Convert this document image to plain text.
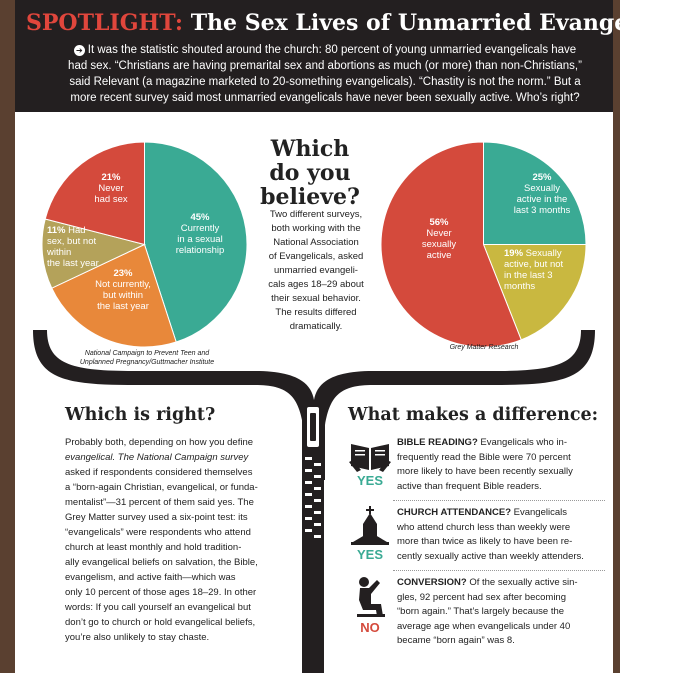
SPOTLIGHT: The Sex Lives of Unmarried Evangelicals

➔ It was the statistic shouted around the church: 80 percent of young unmarried evangelicals have
had sex. “Christians are having premarital sex and abortions as much (or more) than non-Christians,”
said Relevant (a magazine marketed to 20-something evangelicals). “Chastity is not the norm.” But a
more recent survey said most unmarried evangelicals have never been sexually active. Who’s right?

45%
Currently
in a sexual
relationship
23%
Not currently,
but within
the last year
11% Had
sex, but not within
the last year
21%
Never
had sex
National Campaign to Prevent Teen and
Unplanned Pregnancy/Guttmacher Institute
Which
do you
believe?

Two different surveys,
both working with the
National Association
of Evangelicals, asked
unmarried evangeli-
cals ages 18–29 about
their sexual behavior.
The results differed
dramatically.

25%
Sexually
active in the
last 3 months
19% Sexually
active, but not
in the last 3
months
56%
Never
sexually
active
Grey Matter Research
Which is right?

Probably both, depending on how you define
evangelical. The National Campaign survey
asked if respondents considered themselves
a “born-again Christian, evangelical, or funda-
mentalist”—31 percent of them said yes. The
Grey Matter survey used a six-point test: its
“evangelicals” were respondents who attend
church at least monthly and hold tradition-
ally evangelical beliefs on salvation, the Bible,
evangelism, and active faith—which was
only 10 percent of those ages 18–29. In other
words: If you call yourself an evangelical but
don’t go to church or hold evangelical beliefs,
you’re also unlikely to stay chaste.

What makes a difference:
YES

BIBLE READING? Evangelicals who in-
frequently read the Bible were 70 percent
more likely to have been recently sexually
active than frequent Bible readers.

YES

CHURCH ATTENDANCE? Evangelicals
who attend church less than weekly were
more than twice as likely to have been re-
cently sexually active than weekly attenders.

NO

CONVERSION? Of the sexually active sin-
gles, 92 percent had sex after becoming
“born again.” That’s largely because the
average age when evangelicals under 40
became “born again” was 8.
